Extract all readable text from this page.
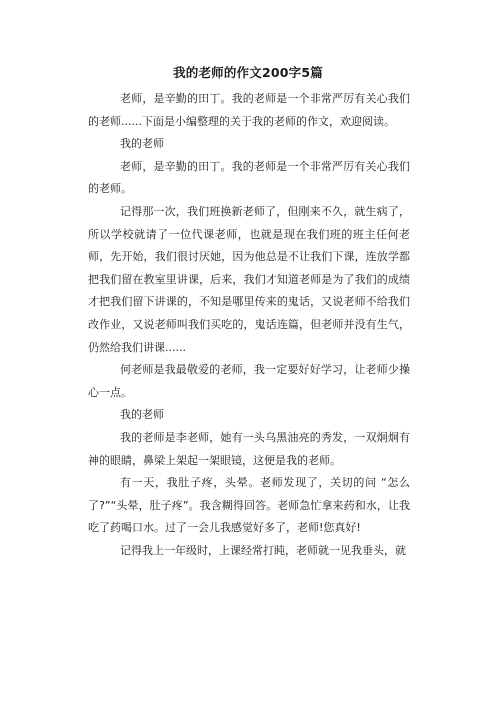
我的老师的作文200字5篇

老师，是辛勤的田丁。我的老师是一个非常严厉有关心我们的老师......下面是小编整理的关于我的老师的作文，欢迎阅读。

我的老师

老师，是辛勤的田丁。我的老师是一个非常严厉有关心我们的老师。

记得那一次，我们班换新老师了，但刚来不久，就生病了，所以学校就请了一位代课老师，也就是现在我们班的班主任何老师，先开始，我们很讨厌她，因为他总是不让我们下课，连放学都把我们留在教室里讲课，后来，我们才知道老师是为了我们的成绩才把我们留下讲课的，不知是哪里传来的鬼话，又说老师不给我们改作业，又说老师叫我们买吃的，鬼话连篇，但老师并没有生气，仍然给我们讲课......

何老师是我最敬爱的老师，我一定要好好学习，让老师少操心一点。

我的老师

我的老师是李老师，她有一头乌黑油亮的秀发，一双炯炯有神的眼睛，鼻梁上架起一架眼镜，这便是我的老师。

有一天，我肚子疼，头晕。老师发现了，关切的问 “怎么了?”“头晕，肚子疼”。我含糊得回答。老师急忙拿来药和水，让我吃了药喝口水。过了一会儿我感觉好多了，老师!您真好!

记得我上一年级时，上课经常打盹，老师就一见我垂头，就
